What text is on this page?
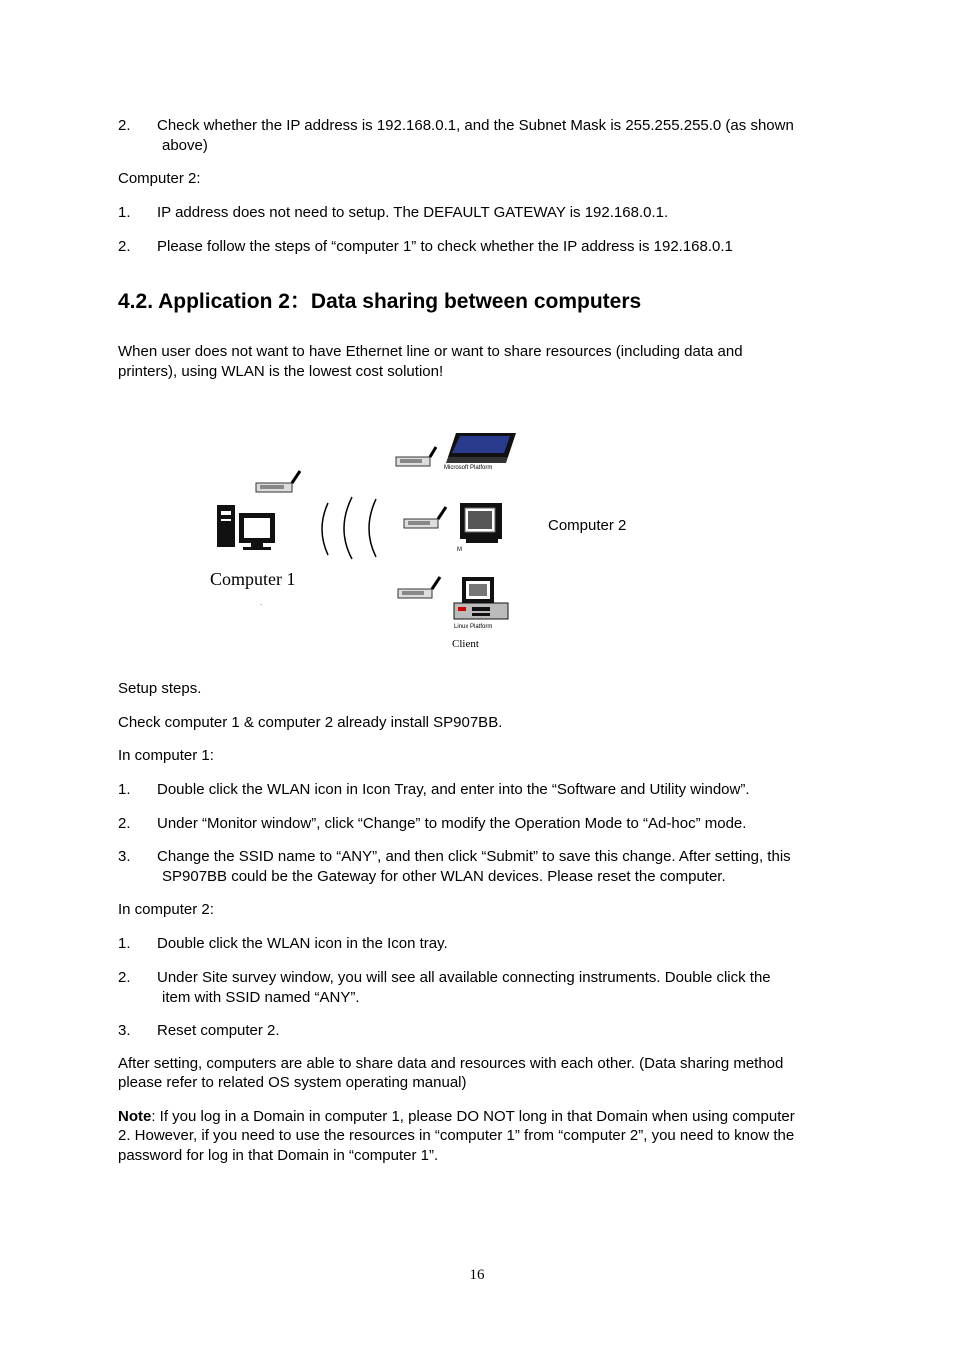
2. Check whether the IP address is 192.168.0.1, and the Subnet Mask is 255.255.255.0 (as shown
above)
Computer 2:
1. IP address does not need to setup. The DEFAULT GATEWAY is 192.168.0.1.
2. Please follow the steps of “computer 1” to check whether the IP address is 192.168.0.1
4.2. Application 2：Data sharing between computers
When user does not want to have Ethernet line or want to share resources (including data and
printers), using WLAN is the lowest cost solution!
Computer 1
.
Microsoft Platform
M
Linux Platform
Client
Computer 2
Setup steps.
Check computer 1 & computer 2 already install SP907BB.
In computer 1:
1. Double click the WLAN icon in Icon Tray, and enter into the “Software and Utility window”.
2. Under “Monitor window”, click “Change” to modify the Operation Mode to “Ad-hoc” mode.
3. Change the SSID name to “ANY”, and then click “Submit” to save this change. After setting, this
SP907BB could be the Gateway for other WLAN devices. Please reset the computer.
In computer 2:
1. Double click the WLAN icon in the Icon tray.
2. Under Site survey window, you will see all available connecting instruments. Double click the
item with SSID named “ANY”.
3. Reset computer 2.
After setting, computers are able to share data and resources with each other. (Data sharing method
please refer to related OS system operating manual)
Note: If you log in a Domain in computer 1, please DO NOT long in that Domain when using computer
2. However, if you need to use the resources in “computer 1” from “computer 2”, you need to know the
password for log in that Domain in “computer 1”.
16
